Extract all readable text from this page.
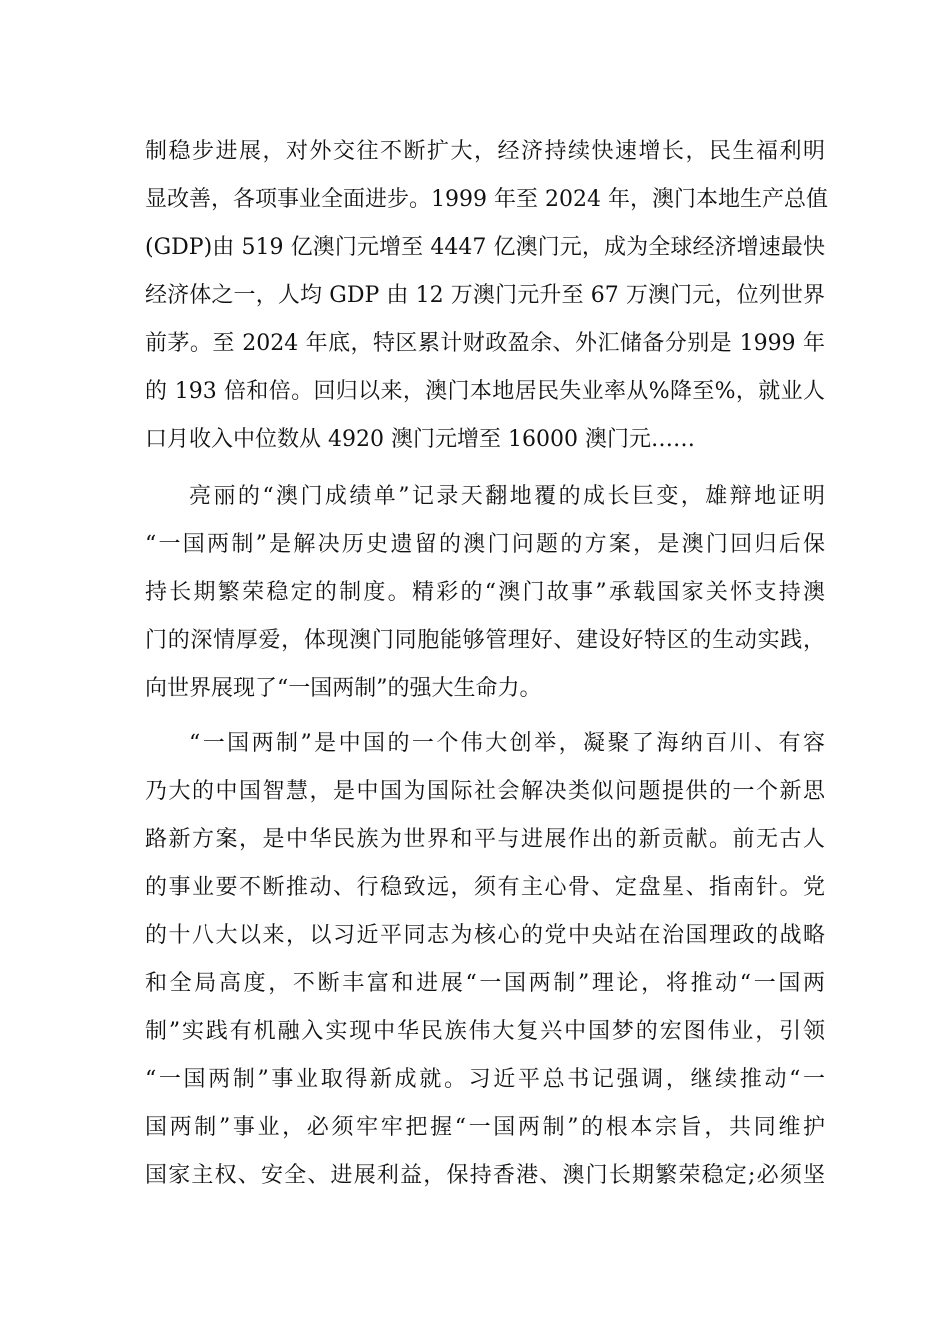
制稳步进展，对外交往不断扩大，经济持续快速增长，民生福利明
显改善，各项事业全面进步。1999 年至 2024 年，澳门本地生产总值
(GDP)由 519 亿澳门元增至 4447 亿澳门元，成为全球经济增速最快
经济体之一，人均 GDP 由 12 万澳门元升至 67 万澳门元，位列世界
前茅。至 2024 年底，特区累计财政盈余、外汇储备分别是 1999 年
的 193 倍和倍。回归以来，澳门本地居民失业率从%降至%，就业人
口月收入中位数从 4920 澳门元增至 16000 澳门元……
亮丽的“澳门成绩单”记录天翻地覆的成长巨变，雄辩地证明
“一国两制”是解决历史遗留的澳门问题的方案，是澳门回归后保
持长期繁荣稳定的制度。精彩的“澳门故事”承载国家关怀支持澳
门的深情厚爱，体现澳门同胞能够管理好、建设好特区的生动实践，
向世界展现了“一国两制”的强大生命力。
“一国两制”是中国的一个伟大创举，凝聚了海纳百川、有容
乃大的中国智慧，是中国为国际社会解决类似问题提供的一个新思
路新方案，是中华民族为世界和平与进展作出的新贡献。前无古人
的事业要不断推动、行稳致远，须有主心骨、定盘星、指南针。党
的十八大以来，以习近平同志为核心的党中央站在治国理政的战略
和全局高度，不断丰富和进展“一国两制”理论，将推动“一国两
制”实践有机融入实现中华民族伟大复兴中国梦的宏图伟业，引领
“一国两制”事业取得新成就。习近平总书记强调，继续推动“一
国两制”事业，必须牢牢把握“一国两制”的根本宗旨，共同维护
国家主权、安全、进展利益，保持香港、澳门长期繁荣稳定;必须坚
